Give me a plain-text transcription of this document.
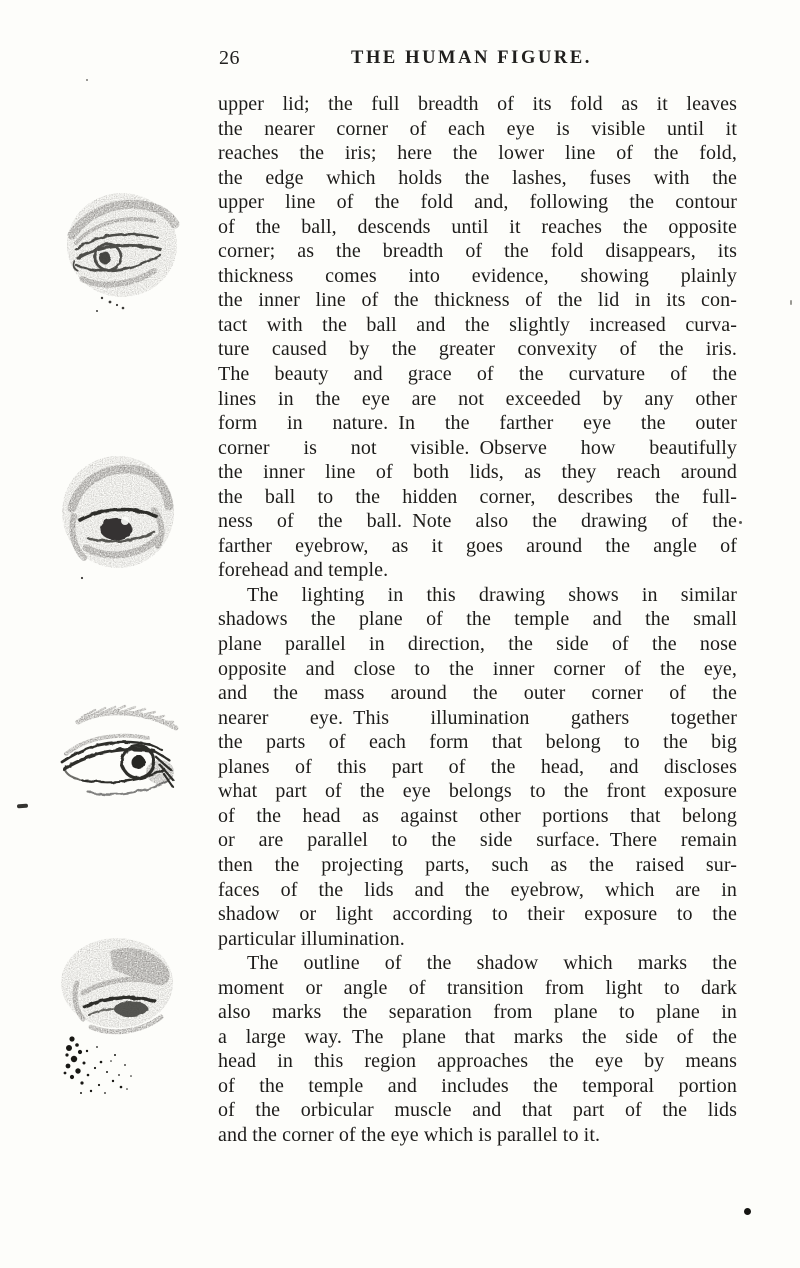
26	THE HUMAN FIGURE.
upper lid; the full breadth of its fold as it leaves
the nearer corner of each eye is visible until it
reaches the iris; here the lower line of the fold,
the edge which holds the lashes, fuses with the
upper line of the fold and, following the contour
of the ball, descends until it reaches the opposite
corner; as the breadth of the fold disappears, its
thickness comes into evidence, showing plainly
the inner line of the thickness of the lid in its con-
tact with the ball and the slightly increased curva-
ture caused by the greater convexity of the iris.
The beauty and grace of the curvature of the
lines in the eye are not exceeded by any other
form in nature. In the farther eye the outer
corner is not visible. Observe how beautifully
the inner line of both lids, as they reach around
the ball to the hidden corner, describes the full-
ness of the ball. Note also the drawing of the
farther eyebrow, as it goes around the angle of
forehead and temple.
The lighting in this drawing shows in similar
shadows the plane of the temple and the small
plane parallel in direction, the side of the nose
opposite and close to the inner corner of the eye,
and the mass around the outer corner of the
nearer eye. This illumination gathers together
the parts of each form that belong to the big
planes of this part of the head, and discloses
what part of the eye belongs to the front exposure
of the head as against other portions that belong
or are parallel to the side surface. There remain
then the projecting parts, such as the raised sur-
faces of the lids and the eyebrow, which are in
shadow or light according to their exposure to the
particular illumination.
The outline of the shadow which marks the
moment or angle of transition from light to dark
also marks the separation from plane to plane in
a large way. The plane that marks the side of the
head in this region approaches the eye by means
of the temple and includes the temporal portion
of the orbicular muscle and that part of the lids
and the corner of the eye which is parallel to it.
